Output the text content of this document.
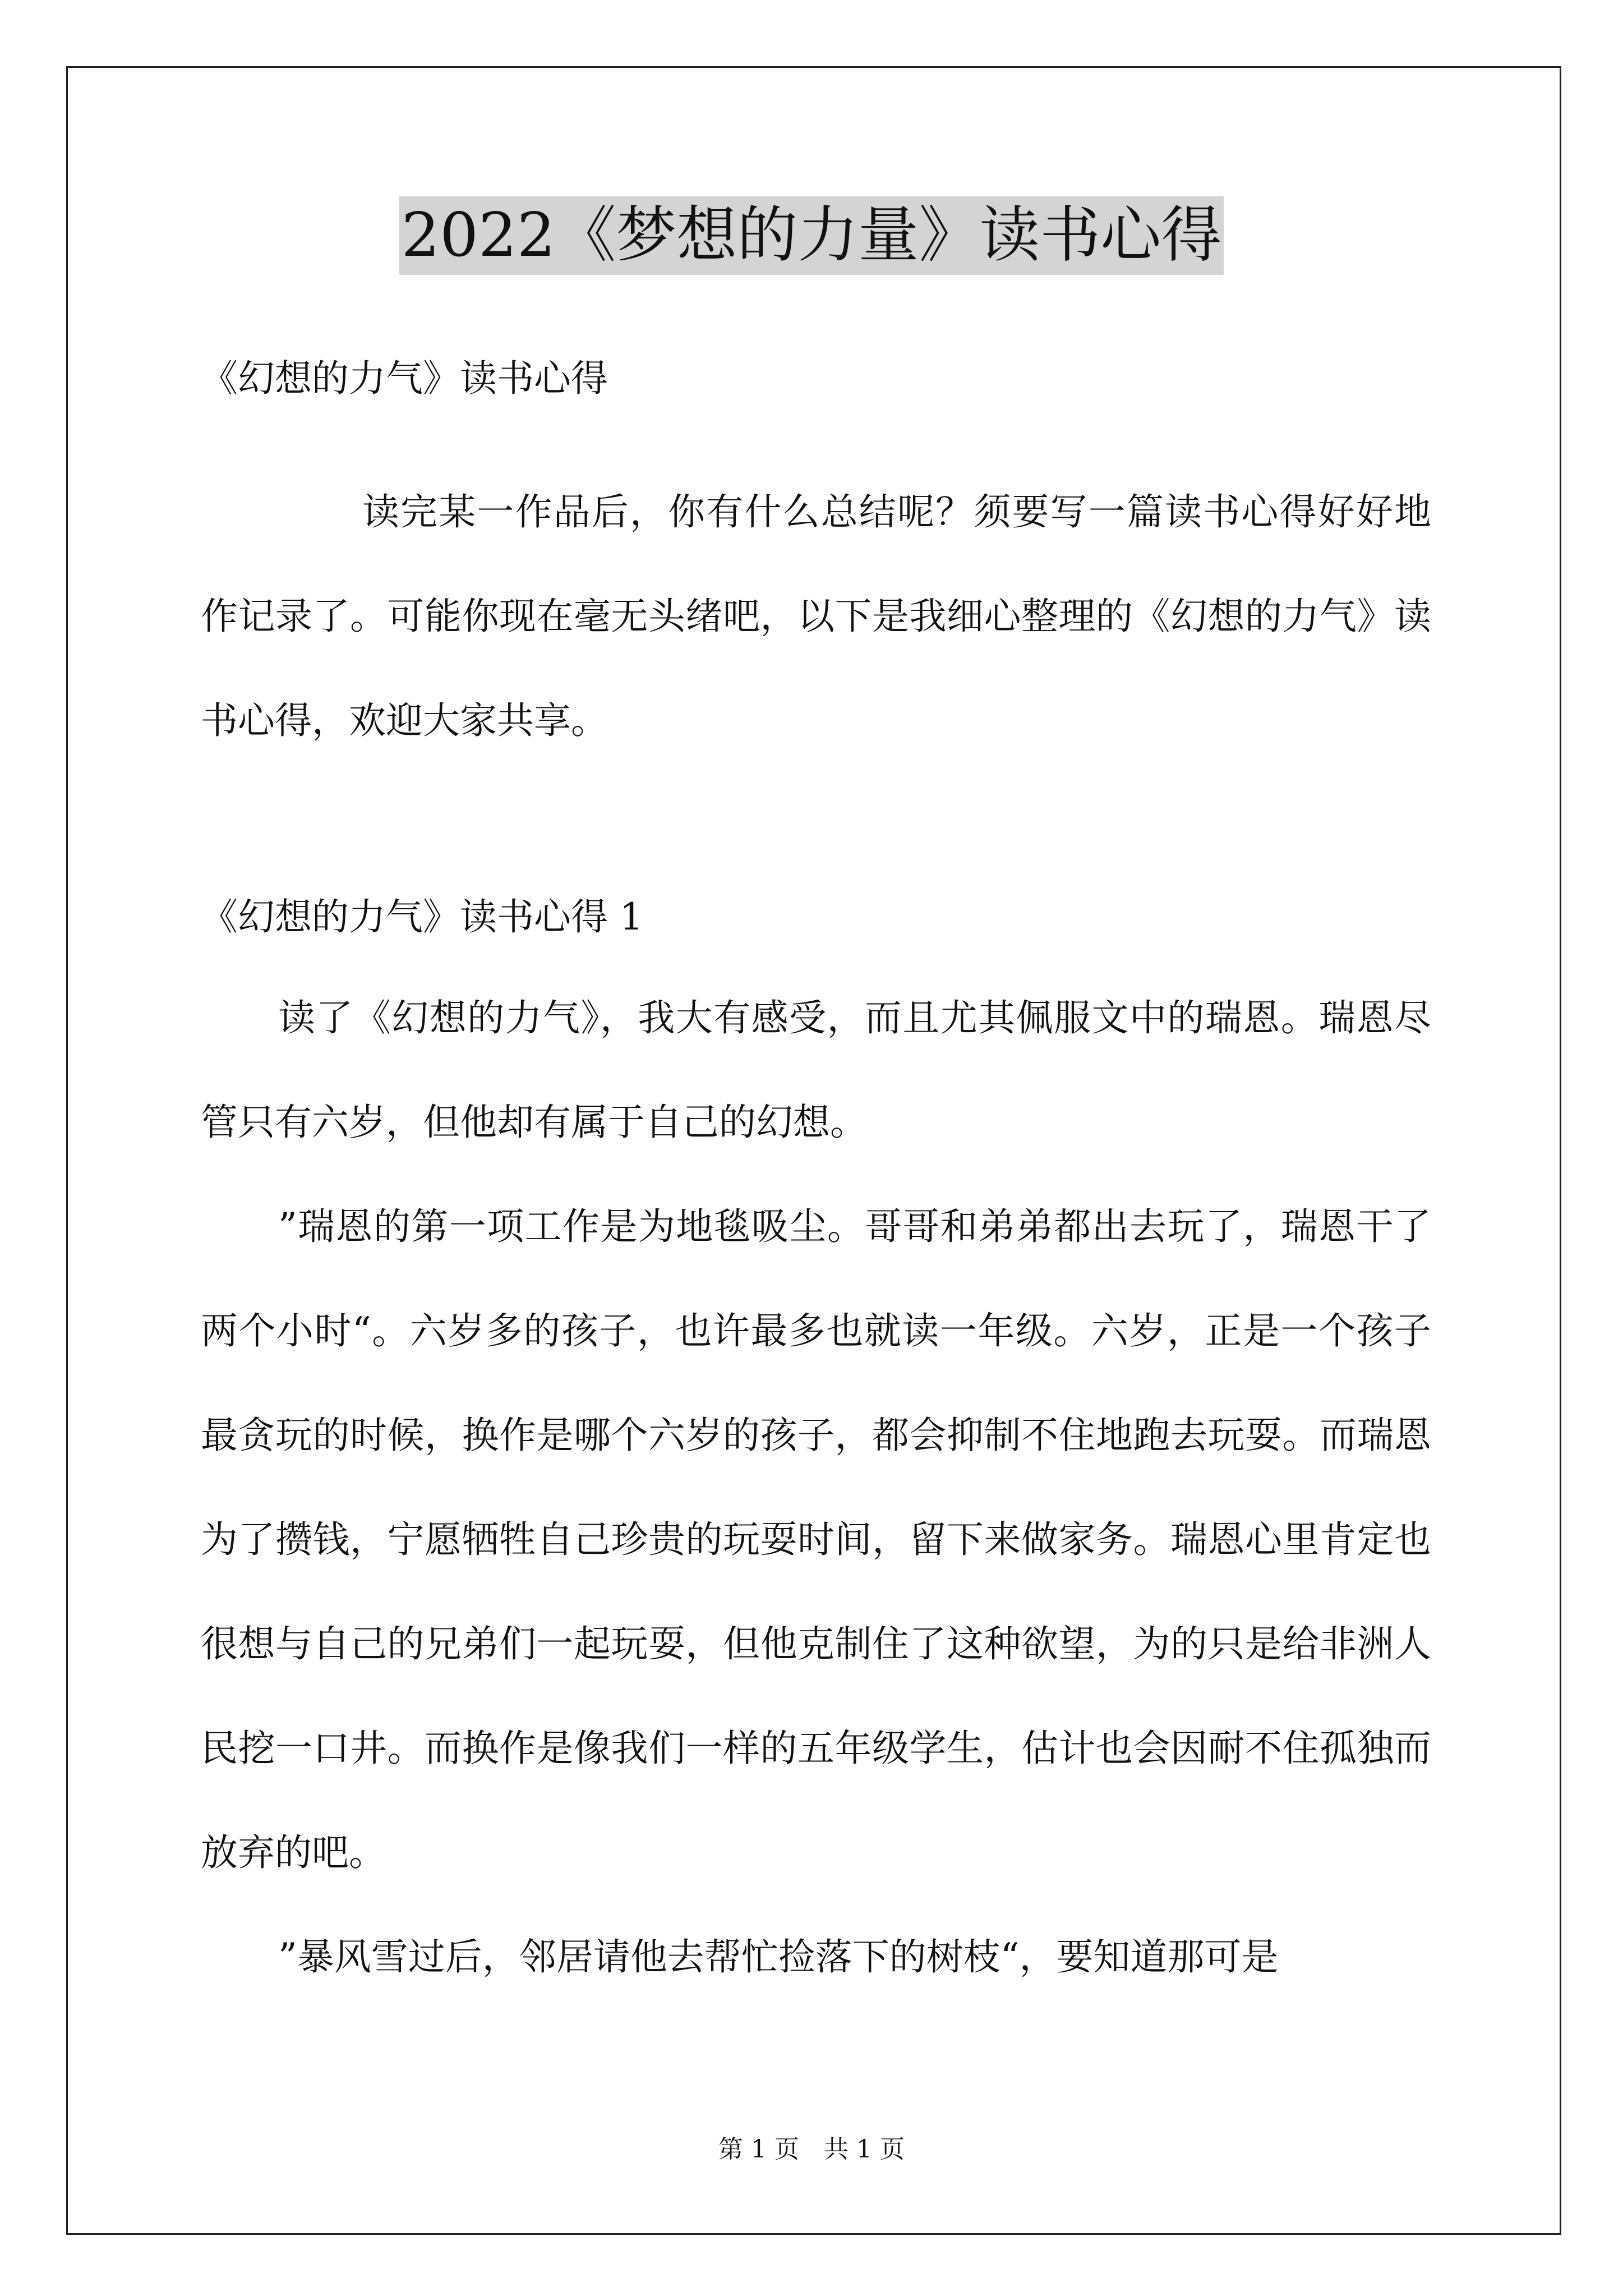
2022《梦想的力量》读书心得
《幻想的力气》读书心得

读完某一作品后，你有什么总结呢？须要写一篇读书心得好好地作记录了。可能你现在毫无头绪吧，以下是我细心整理的《幻想的力气》读书心得，欢迎大家共享。

《幻想的力气》读书心得 1

读了《幻想的力气》，我大有感受，而且尤其佩服文中的瑞恩。瑞恩尽管只有六岁，但他却有属于自己的幻想。

”瑞恩的第一项工作是为地毯吸尘。哥哥和弟弟都出去玩了，瑞恩干了两个小时“。六岁多的孩子，也许最多也就读一年级。六岁，正是一个孩子最贪玩的时候，换作是哪个六岁的孩子，都会抑制不住地跑去玩耍。而瑞恩为了攒钱，宁愿牺牲自己珍贵的玩耍时间，留下来做家务。瑞恩心里肯定也很想与自己的兄弟们一起玩耍，但他克制住了这种欲望，为的只是给非洲人民挖一口井。而换作是像我们一样的五年级学生，估计也会因耐不住孤独而放弃的吧。

”暴风雪过后，邻居请他去帮忙捡落下的树枝“，要知道那可是

第 1 页　共 1 页
